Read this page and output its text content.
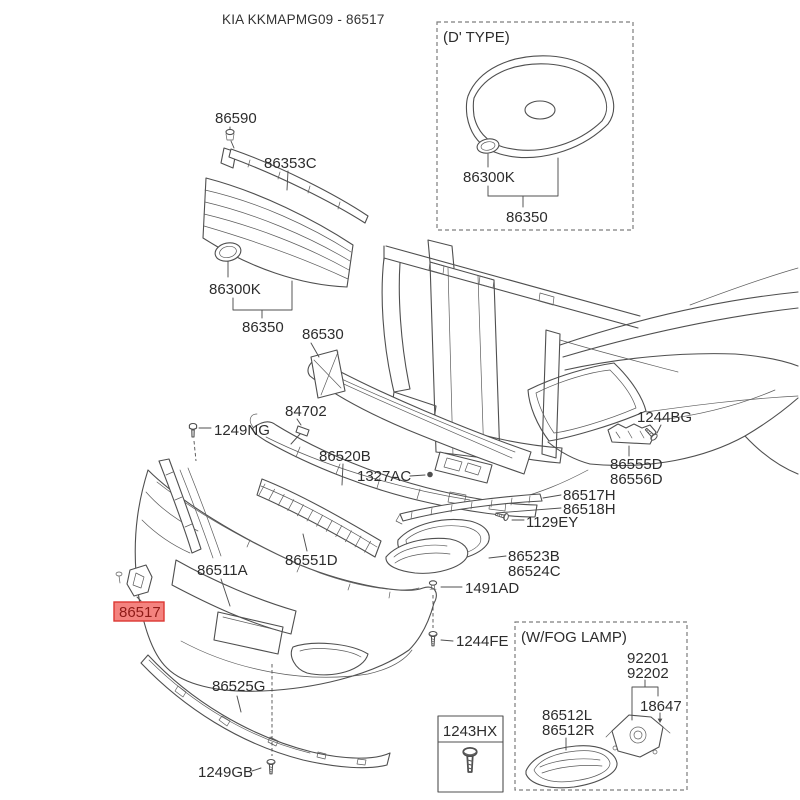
KIA KKMAPMG09 - 86517
(D' TYPE)
86590
86353C
86300K
86350
86300K
86350
86530
84702
1249NG
86520B
1327AC
1244BG
86555D
86556D
86517H
86518H
1129EY
86523B
86524C
1491AD
86551D
86511A
86517
86525G
1249GB
1244FE
1243HX
(W/FOG LAMP)
92201
92202
18647
86512L
86512R
